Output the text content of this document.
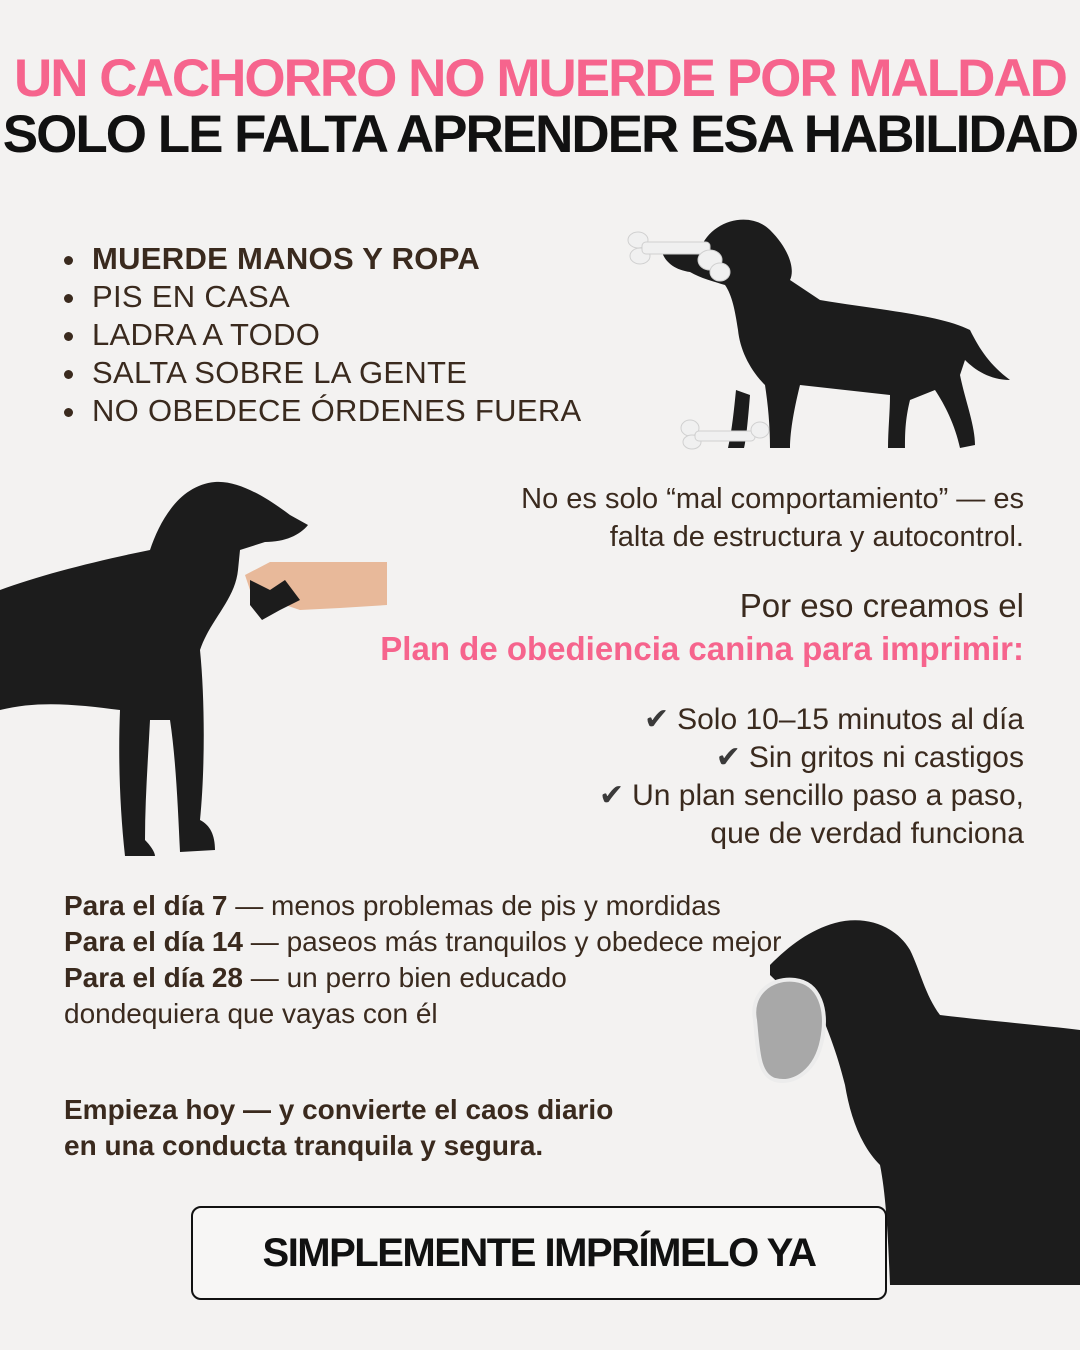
UN CACHORRO NO MUERDE POR MALDAD
SOLO LE FALTA APRENDER ESA HABILIDAD
MUERDE MANOS Y ROPA
PIS EN CASA
LADRA A TODO
SALTA SOBRE LA GENTE
NO OBEDECE ÓRDENES FUERA
No es solo “mal comportamiento” — es
falta de estructura y autocontrol.
Por eso creamos el
Plan de obediencia canina para imprimir:
✔ Solo 10–15 minutos al día
✔ Sin gritos ni castigos
✔ Un plan sencillo paso a paso,
que de verdad funciona
Para el día 7 — menos problemas de pis y mordidas
Para el día 14 — paseos más tranquilos y obedece mejor
Para el día 28 — un perro bien educado dondequiera que vayas con él
Empieza hoy — y convierte el caos diario
en una conducta tranquila y segura.
SIMPLEMENTE IMPRÍMELO YA
